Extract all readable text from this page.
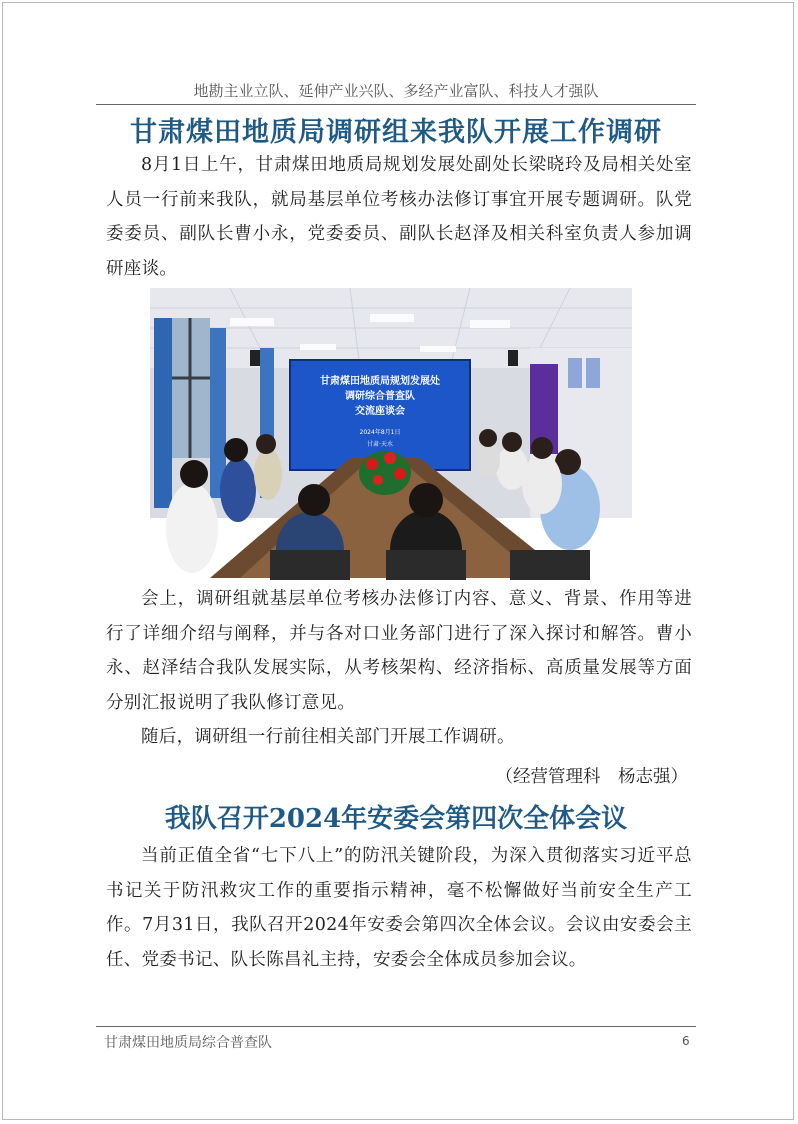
地勘主业立队、延伸产业兴队、多经产业富队、科技人才强队
甘肃煤田地质局调研组来我队开展工作调研

8月1日上午，甘肃煤田地质局规划发展处副处长梁晓玲及局相关处室人员一行前来我队，就局基层单位考核办法修订事宜开展专题调研。队党委委员、副队长曹小永，党委委员、副队长赵泽及相关科室负责人参加调研座谈。

甘肃煤田地质局规划发展处
调研综合普查队
交流座谈会
2024年8月1日
甘肃·天水

会上，调研组就基层单位考核办法修订内容、意义、背景、作用等进行了详细介绍与阐释，并与各对口业务部门进行了深入探讨和解答。曹小永、赵泽结合我队发展实际，从考核架构、经济指标、高质量发展等方面分别汇报说明了我队修订意见。

随后，调研组一行前往相关部门开展工作调研。

（经营管理科　杨志强）
我队召开2024年安委会第四次全体会议

当前正值全省“七下八上”的防汛关键阶段，为深入贯彻落实习近平总书记关于防汛救灾工作的重要指示精神，毫不松懈做好当前安全生产工作。7月31日，我队召开2024年安委会第四次全体会议。会议由安委会主任、党委书记、队长陈昌礼主持，安委会全体成员参加会议。

甘肃煤田地质局综合普查队	6
